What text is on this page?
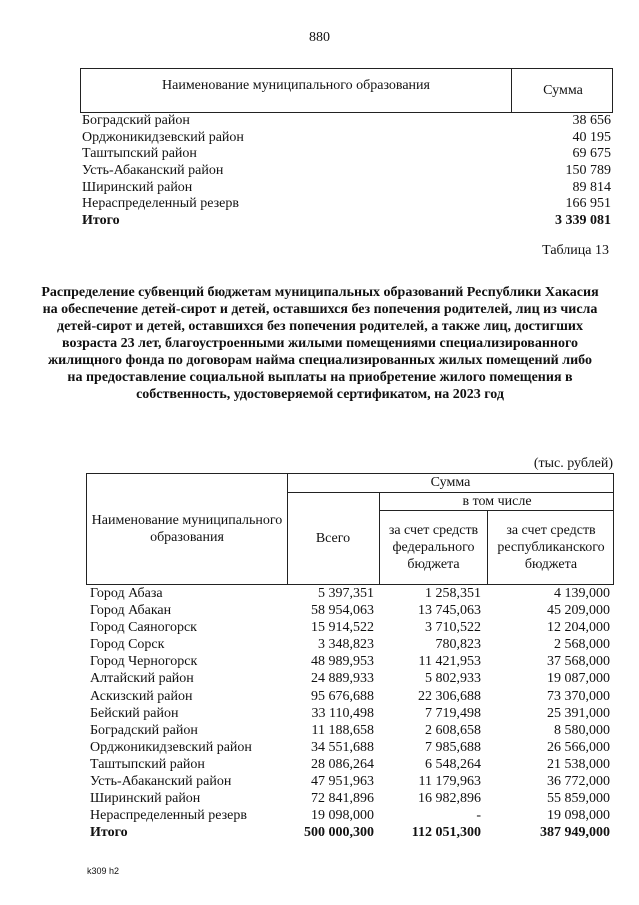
880
Наименование муниципального образования	Сумма
Боградский район	38 656
Орджоникидзевский район	40 195
Таштыпский район	69 675
Усть-Абаканский район	150 789
Ширинский район	89 814
Нераспределенный резерв	166 951
Итого	3 339 081
Таблица 13
Распределение субвенций бюджетам муниципальных образований Республики Хакасия на обеспечение детей-сирот и детей, оставшихся без попечения родителей, лиц из числа детей-сирот и детей, оставшихся без попечения родителей, а также лиц, достигших возраста 23 лет, благоустроенными жилыми помещениями специализированного жилищного фонда по договорам найма специализированных жилых помещений либо на предоставление социальной выплаты на приобретение жилого помещения в собственность, удостоверяемой сертификатом, на 2023 год
(тыс. рублей)
Наименование муниципального образования
Сумма
Всего
в том числе
за счет средств федерального бюджета
за счет средств республиканского бюджета
Город Абаза	5 397,351	1 258,351	4 139,000
Город Абакан	58 954,063	13 745,063	45 209,000
Город Саяногорск	15 914,522	3 710,522	12 204,000
Город Сорск	3 348,823	780,823	2 568,000
Город Черногорск	48 989,953	11 421,953	37 568,000
Алтайский район	24 889,933	5 802,933	19 087,000
Аскизский район	95 676,688	22 306,688	73 370,000
Бейский район	33 110,498	7 719,498	25 391,000
Боградский район	11 188,658	2 608,658	8 580,000
Орджоникидзевский район	34 551,688	7 985,688	26 566,000
Таштыпский район	28 086,264	6 548,264	21 538,000
Усть-Абаканский район	47 951,963	11 179,963	36 772,000
Ширинский район	72 841,896	16 982,896	55 859,000
Нераспределенный резерв	19 098,000	-	19 098,000
Итого	500 000,300	112 051,300	387 949,000
k309 h2
